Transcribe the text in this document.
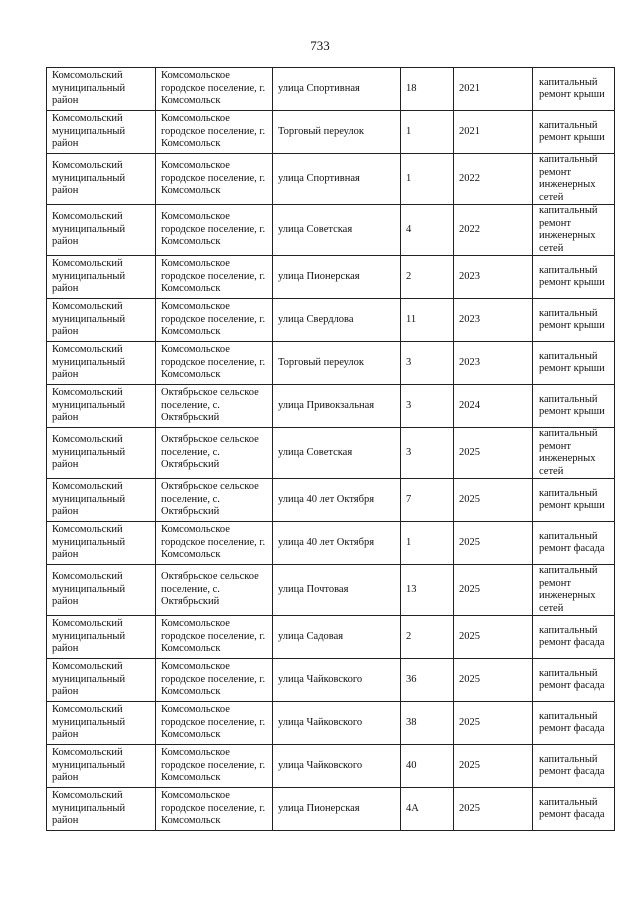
733
Комсомольский муниципальный район	Комсомольское городское поселение, г. Комсомольск	улица Спортивная	18	2021	капитальный ремонт крыши
Комсомольский муниципальный район	Комсомольское городское поселение, г. Комсомольск	Торговый переулок	1	2021	капитальный ремонт крыши
Комсомольский муниципальный район	Комсомольское городское поселение, г. Комсомольск	улица Спортивная	1	2022	капитальный ремонт инженерных сетей
Комсомольский муниципальный район	Комсомольское городское поселение, г. Комсомольск	улица Советская	4	2022	капитальный ремонт инженерных сетей
Комсомольский муниципальный район	Комсомольское городское поселение, г. Комсомольск	улица Пионерская	2	2023	капитальный ремонт крыши
Комсомольский муниципальный район	Комсомольское городское поселение, г. Комсомольск	улица Свердлова	11	2023	капитальный ремонт крыши
Комсомольский муниципальный район	Комсомольское городское поселение, г. Комсомольск	Торговый переулок	3	2023	капитальный ремонт крыши
Комсомольский муниципальный район	Октябрьское сельское поселение, с. Октябрьский	улица Привокзальная	3	2024	капитальный ремонт крыши
Комсомольский муниципальный район	Октябрьское сельское поселение, с. Октябрьский	улица Советская	3	2025	капитальный ремонт инженерных сетей
Комсомольский муниципальный район	Октябрьское сельское поселение, с. Октябрьский	улица 40 лет Октября	7	2025	капитальный ремонт крыши
Комсомольский муниципальный район	Комсомольское городское поселение, г. Комсомольск	улица 40 лет Октября	1	2025	капитальный ремонт фасада
Комсомольский муниципальный район	Октябрьское сельское поселение, с. Октябрьский	улица Почтовая	13	2025	капитальный ремонт инженерных сетей
Комсомольский муниципальный район	Комсомольское городское поселение, г. Комсомольск	улица Садовая	2	2025	капитальный ремонт фасада
Комсомольский муниципальный район	Комсомольское городское поселение, г. Комсомольск	улица Чайковского	36	2025	капитальный ремонт фасада
Комсомольский муниципальный район	Комсомольское городское поселение, г. Комсомольск	улица Чайковского	38	2025	капитальный ремонт фасада
Комсомольский муниципальный район	Комсомольское городское поселение, г. Комсомольск	улица Чайковского	40	2025	капитальный ремонт фасада
Комсомольский муниципальный район	Комсомольское городское поселение, г. Комсомольск	улица Пионерская	4А	2025	капитальный ремонт фасада
